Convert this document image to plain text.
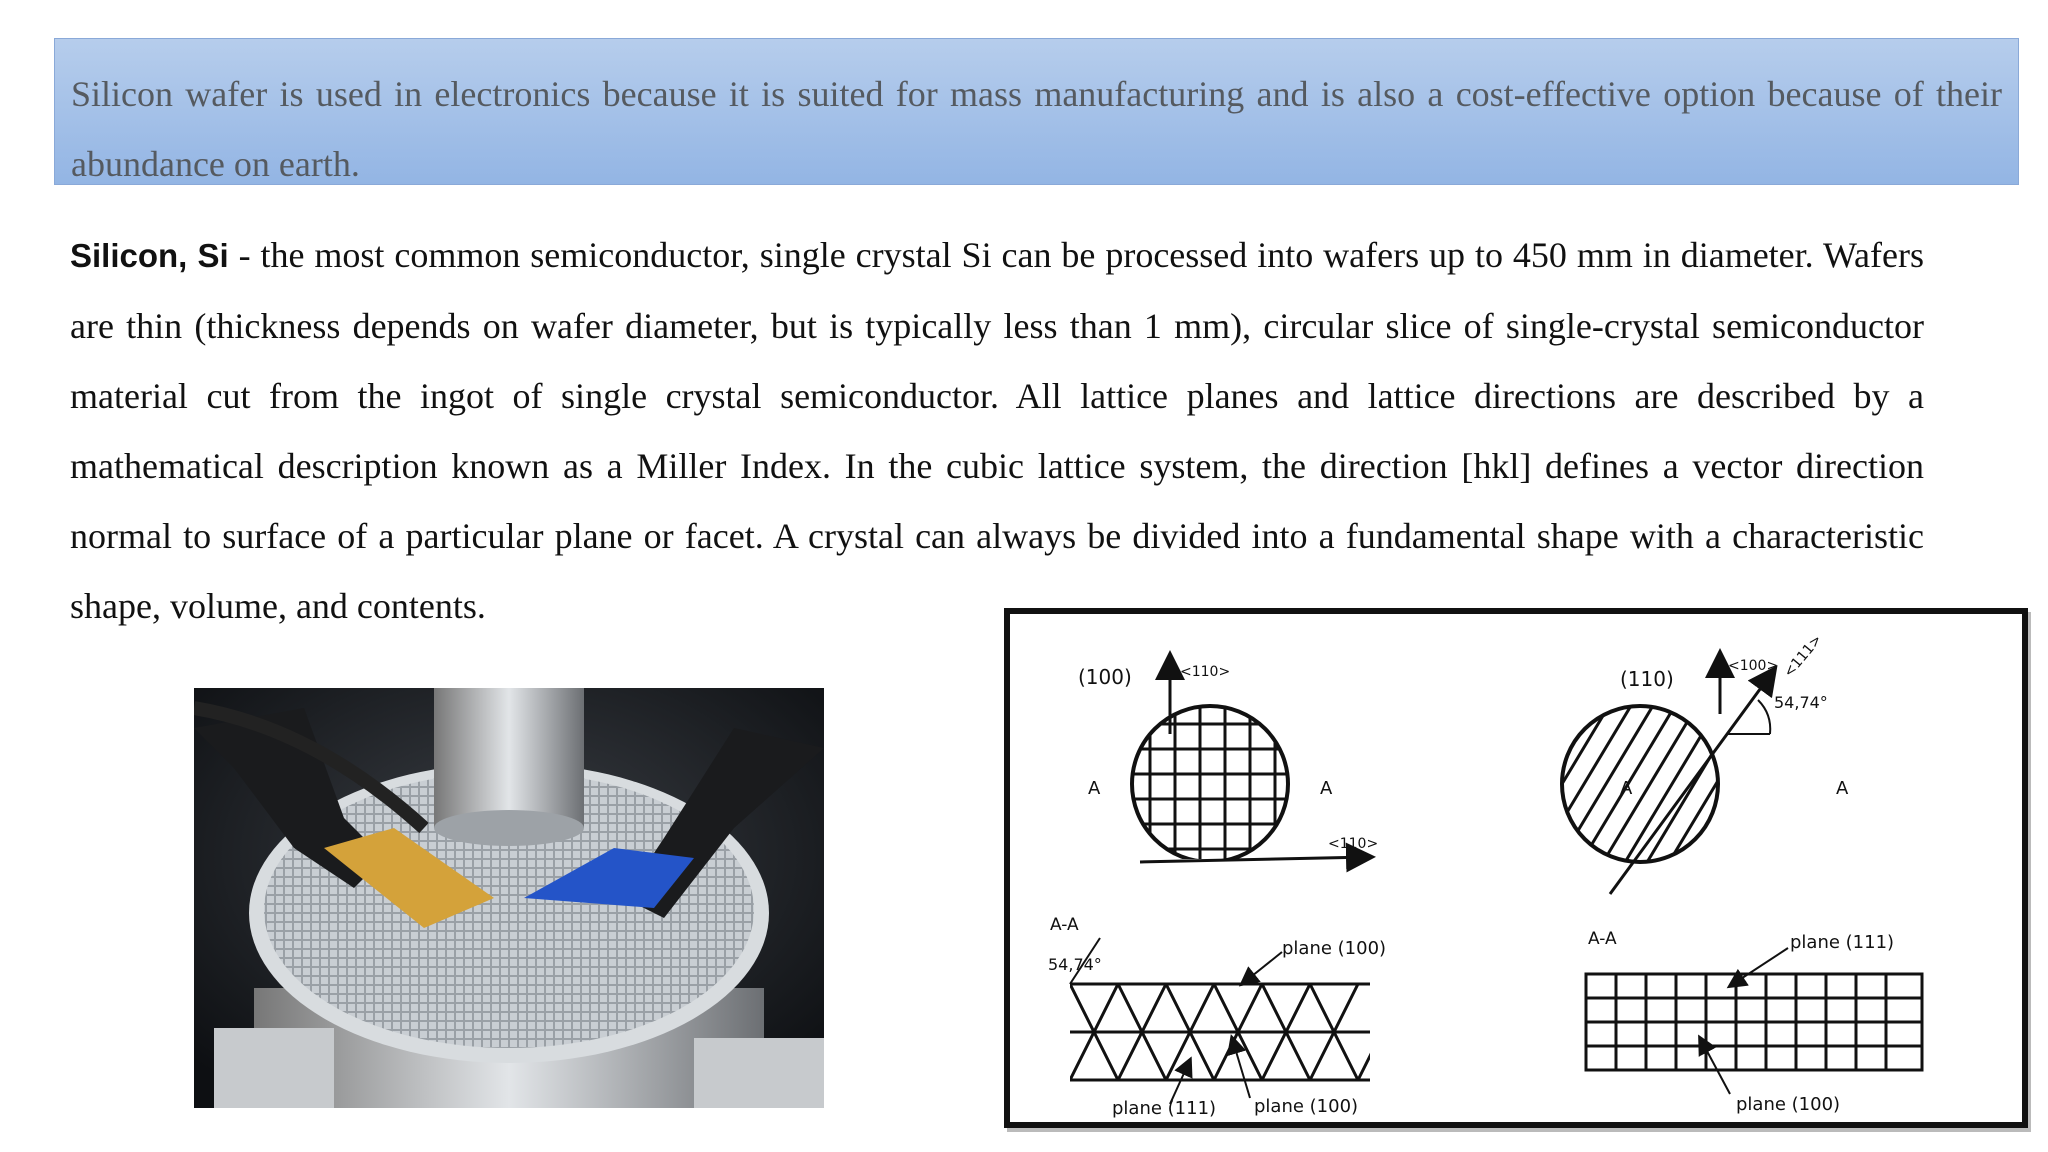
Silicon wafer is used in electronics because it is suited for mass manufacturing and is also a cost-effective option because of their abundance on earth.

Silicon, Si - the most common semiconductor, single crystal Si can be processed into wafers up to 450 mm in diameter. Wafers are thin (thickness depends on wafer diameter, but is typically less than 1 mm), circular slice of single-crystal semiconductor material cut from the ingot of single crystal semiconductor. All lattice planes and lattice directions are described by a mathematical description known as a Miller Index. In the cubic lattice system, the direction [hkl] defines a vector direction normal to surface of a particular plane or facet. A crystal can always be divided into a fundamental shape with a characteristic shape, volume, and contents.

(100)	<110>
<110>
A	A
A-A
54,74°
plane (100)
plane (111) plane (100)
(110)
<100> <111>
54,74°
A	A
A-A	plane (111)
plane (100)
